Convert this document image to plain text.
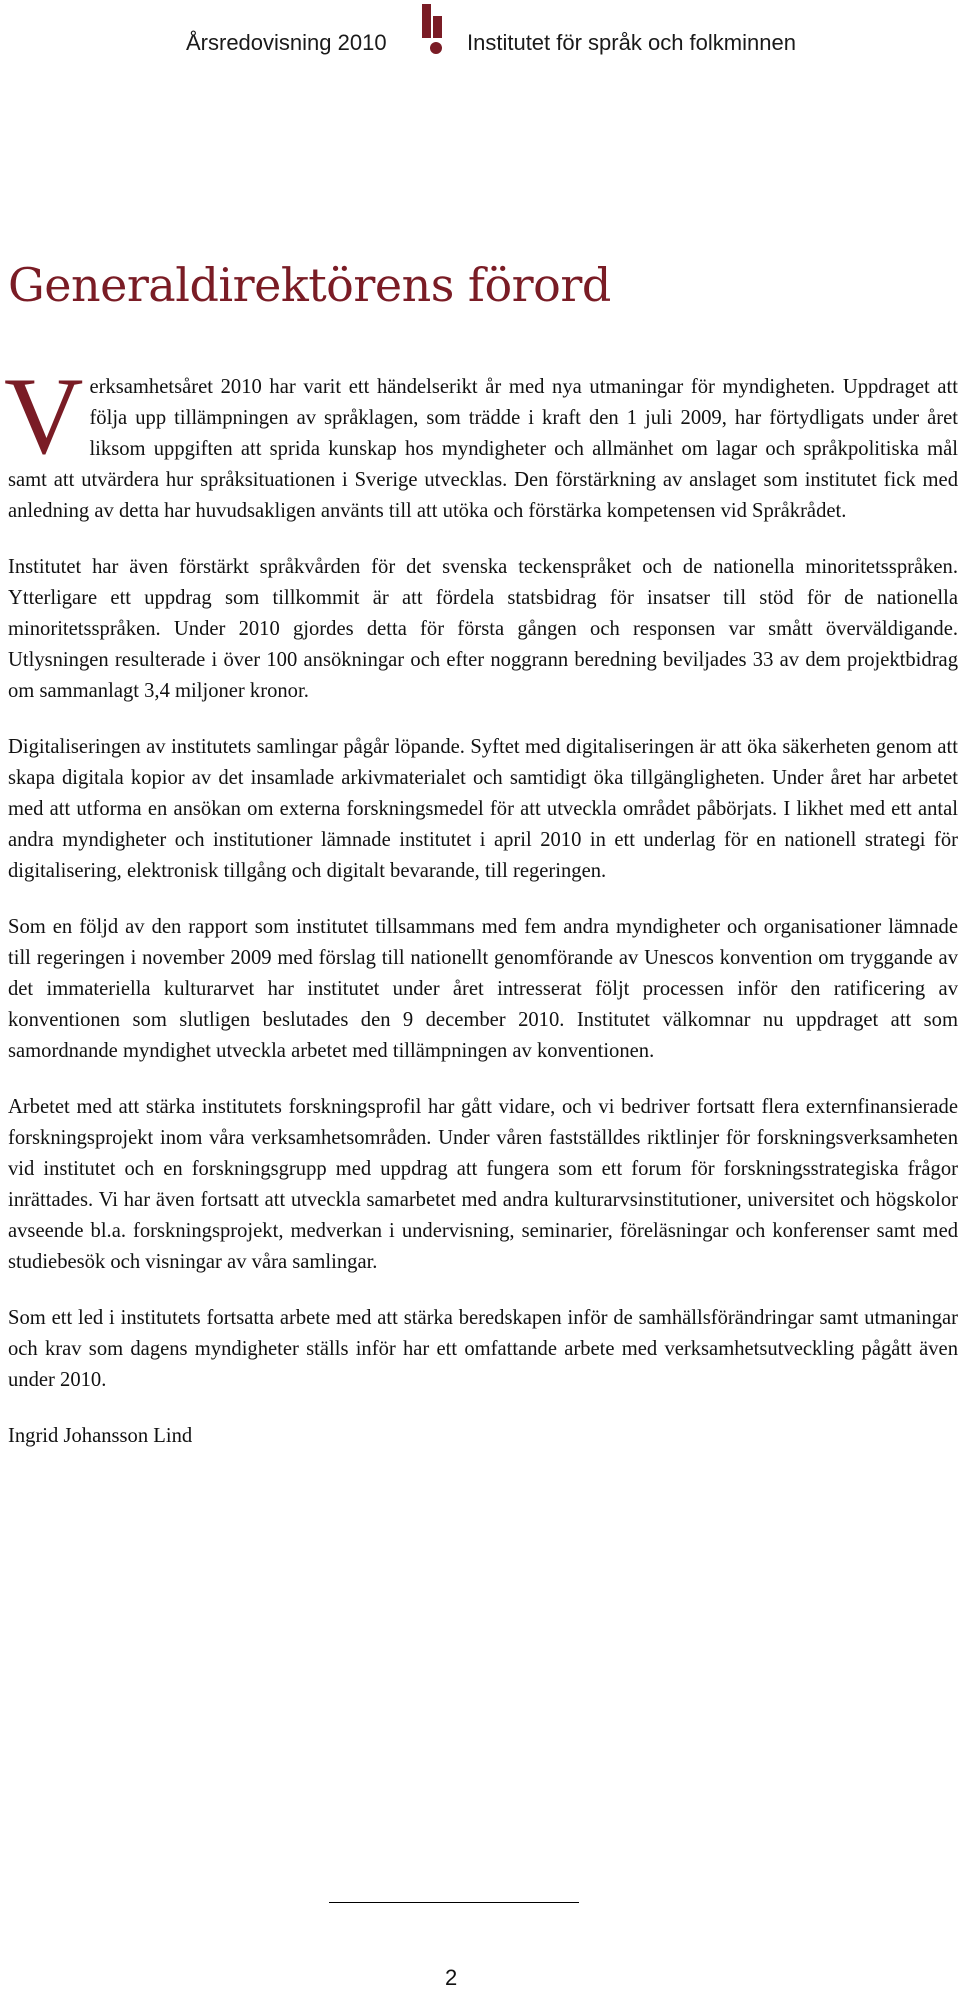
Årsredovisning 2010	Institutet för språk och folkminnen
Generaldirektörens förord

Verksamhetsåret 2010 har varit ett händelserikt år med nya utmaningar för myndigheten. Uppdraget att följa upp tillämpningen av språklagen, som trädde i kraft den 1 juli 2009, har förtydligats under året liksom uppgiften att sprida kunskap hos myndigheter och allmänhet om lagar och språkpolitiska mål samt att utvärdera hur språksituationen i Sverige utvecklas. Den förstärkning av anslaget som institutet fick med anledning av detta har huvudsakligen använts till att utöka och förstärka kompetensen vid Språkrådet.

Institutet har även förstärkt språkvården för det svenska teckenspråket och de nationella minoritetsspråken. Ytterligare ett uppdrag som tillkommit är att fördela statsbidrag för insatser till stöd för de nationella minoritetsspråken. Under 2010 gjordes detta för första gången och responsen var smått överväldigande. Utlysningen resulterade i över 100 ansökningar och efter noggrann beredning beviljades 33 av dem projektbidrag om sammanlagt 3,4 miljoner kronor.

Digitaliseringen av institutets samlingar pågår löpande. Syftet med digitaliseringen är att öka säkerheten genom att skapa digitala kopior av det insamlade arkivmaterialet och samtidigt öka tillgängligheten. Under året har arbetet med att utforma en ansökan om externa forskningsmedel för att utveckla området påbörjats. I likhet med ett antal andra myndigheter och institutioner lämnade institutet i april 2010 in ett underlag för en nationell strategi för digitalisering, elektronisk tillgång och digitalt bevarande, till regeringen.

Som en följd av den rapport som institutet tillsammans med fem andra myndigheter och organisationer lämnade till regeringen i november 2009 med förslag till nationellt genomförande av Unescos konvention om tryggande av det immateriella kulturarvet har institutet under året intresserat följt processen inför den ratificering av konventionen som slutligen beslutades den 9 december 2010. Institutet välkomnar nu uppdraget att som samordnande myndighet utveckla arbetet med tillämpningen av konventionen.

Arbetet med att stärka institutets forskningsprofil har gått vidare, och vi bedriver fortsatt flera externfinansierade forskningsprojekt inom våra verksamhetsområden. Under våren fastställdes riktlinjer för forskningsverksamheten vid institutet och en forskningsgrupp med uppdrag att fungera som ett forum för forskningsstrategiska frågor inrättades. Vi har även fortsatt att utveckla samarbetet med andra kulturarvsinstitutioner, universitet och högskolor avseende bl.a. forskningsprojekt, medverkan i undervisning, seminarier, föreläsningar och konferenser samt med studiebesök och visningar av våra samlingar.

Som ett led i institutets fortsatta arbete med att stärka beredskapen inför de samhällsförändringar samt utmaningar och krav som dagens myndigheter ställs inför har ett omfattande arbete med verksamhetsutveckling pågått även under 2010.

Ingrid Johansson Lind

2
